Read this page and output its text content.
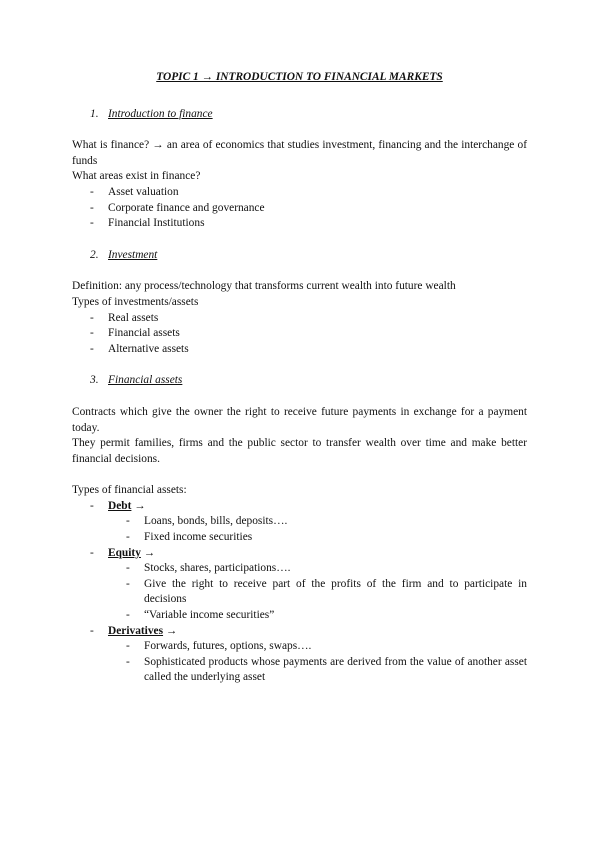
TOPIC 1 → INTRODUCTION TO FINANCIAL MARKETS
1. Introduction to finance

What is finance? → an area of economics that studies investment, financing and the interchange of funds

What areas exist in finance?

- Asset valuation
- Corporate finance and governance
- Financial Institutions
2. Investment

Definition: any process/technology that transforms current wealth into future wealth

Types of investments/assets

- Real assets
- Financial assets
- Alternative assets
3. Financial assets

Contracts which give the owner the right to receive future payments in exchange for a payment today.

They permit families, firms and the public sector to transfer wealth over time and make better financial decisions.

Types of financial assets:

- Debt →
- Loans, bonds, bills, deposits….
- Fixed income securities
- Equity →
- Stocks, shares, participations….
- Give the right to receive part of the profits of the firm and to participate in decisions
- “Variable income securities”
- Derivatives →
- Forwards, futures, options, swaps….
- Sophisticated products whose payments are derived from the value of another asset called the underlying asset
